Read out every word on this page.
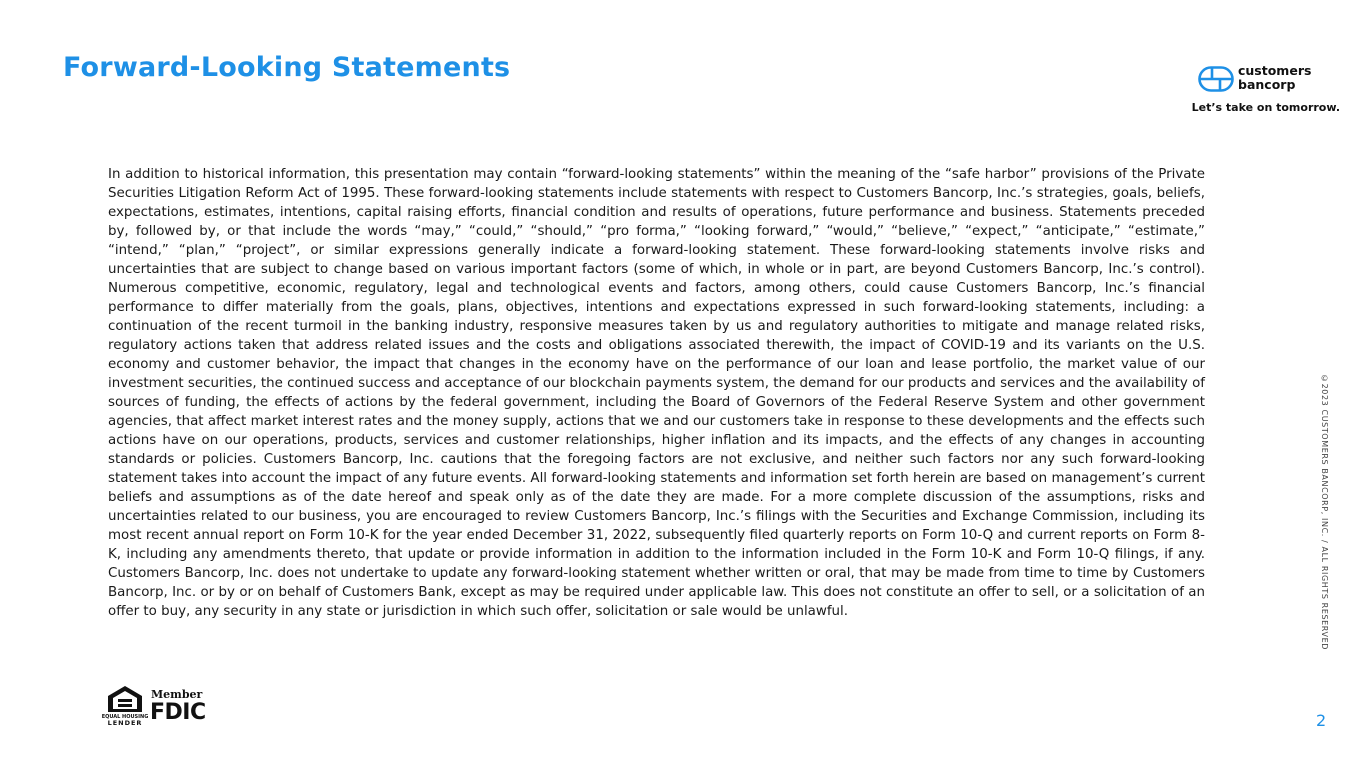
Forward-Looking Statements	customers
bancorp
Let’s take on tomorrow.

In addition to historical information, this presentation may contain “forward-looking statements” within the meaning of the “safe harbor” provisions of the Private Securities Litigation Reform Act of 1995. These forward-looking statements include statements with respect to Customers Bancorp, Inc.’s strategies, goals, beliefs, expectations, estimates, intentions, capital raising efforts, financial condition and results of operations, future performance and business. Statements preceded by, followed by, or that include the words “may,” “could,” “should,” “pro forma,” “looking forward,” “would,” “believe,” “expect,” “anticipate,” “estimate,” “intend,” “plan,” “project”, or similar expressions generally indicate a forward-looking statement. These forward-looking statements involve risks and uncertainties that are subject to change based on various important factors (some of which, in whole or in part, are beyond Customers Bancorp, Inc.’s control). Numerous competitive, economic, regulatory, legal and technological events and factors, among others, could cause Customers Bancorp, Inc.’s financial performance to differ materially from the goals, plans, objectives, intentions and expectations expressed in such forward-looking statements, including: a continuation of the recent turmoil in the banking industry, responsive measures taken by us and regulatory authorities to mitigate and manage related risks, regulatory actions taken that address related issues and the costs and obligations associated therewith, the impact of COVID-19 and its variants on the U.S. economy and customer behavior, the impact that changes in the economy have on the performance of our loan and lease portfolio, the market value of our investment securities, the continued success and acceptance of our blockchain payments system, the demand for our products and services and the availability of sources of funding, the effects of actions by the federal government, including the Board of Governors of the Federal Reserve System and other government agencies, that affect market interest rates and the money supply, actions that we and our customers take in response to these developments and the effects such actions have on our operations, products, services and customer relationships, higher inflation and its impacts, and the effects of any changes in accounting standards or policies. Customers Bancorp, Inc. cautions that the foregoing factors are not exclusive, and neither such factors nor any such forward-looking statement takes into account the impact of any future events. All forward-looking statements and information set forth herein are based on management’s current beliefs and assumptions as of the date hereof and speak only as of the date they are made. For a more complete discussion of the assumptions, risks and uncertainties related to our business, you are encouraged to review Customers Bancorp, Inc.’s filings with the Securities and Exchange Commission, including its most recent annual report on Form 10-K for the year ended December 31, 2022, subsequently filed quarterly reports on Form 10-Q and current reports on Form 8-K, including any amendments thereto, that update or provide information in addition to the information included in the Form 10-K and Form 10-Q filings, if any. Customers Bancorp, Inc. does not undertake to update any forward-looking statement whether written or oral, that may be made from time to time by Customers Bancorp, Inc. or by or on behalf of Customers Bank, except as may be required under applicable law. This does not constitute an offer to sell, or a solicitation of an offer to buy, any security in any state or jurisdiction in which such offer, solicitation or sale would be unlawful.	©2023 CUSTOMERS BANCORP, INC. / ALL RIGHTS RESERVED
EQUAL HOUSING
LENDER
Member
FDIC	2
